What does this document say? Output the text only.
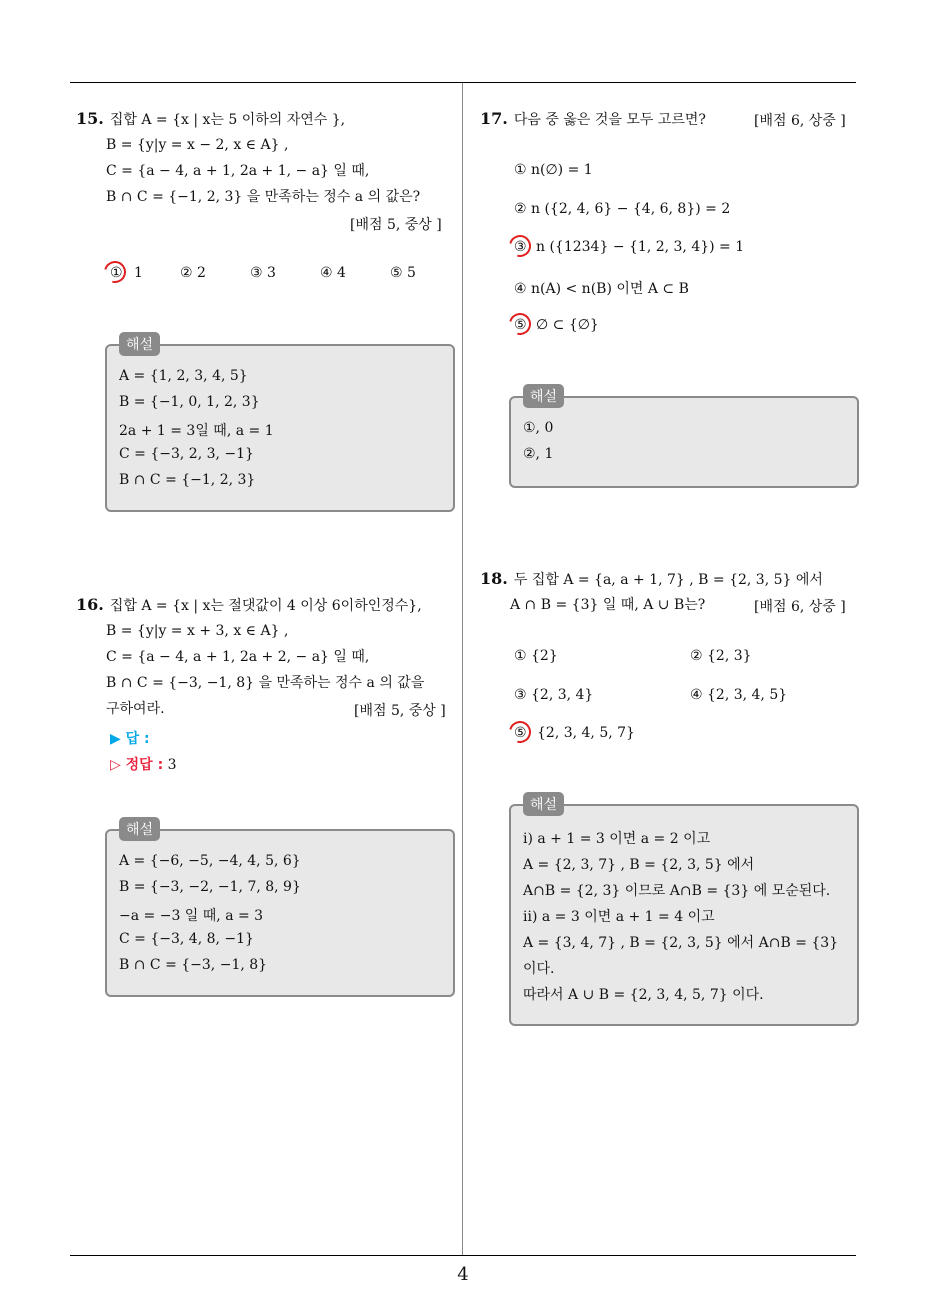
4
15. 집합 A = {x | x는 5 이하의 자연수 },
B = {y|y = x − 2, x ∈ A} ,
C = {a − 4, a + 1, 2a + 1, − a} 일 때,
B ∩ C = {−1, 2, 3} 을 만족하는 정수 a 의 값은?
[배점 5, 중상 ]
① 1	② 2	③ 3	④ 4	⑤ 5
해설
A = {1, 2, 3, 4, 5}
B = {−1, 0, 1, 2, 3}
2a + 1 = 3일 때, a = 1
C = {−3, 2, 3, −1}
B ∩ C = {−1, 2, 3}
16. 집합 A = {x | x는 절댓값이 4 이상 6이하인정수},
B = {y|y = x + 3, x ∈ A} ,
C = {a − 4, a + 1, 2a + 2, − a} 일 때,
B ∩ C = {−3, −1, 8} 을 만족하는 정수 a 의 값을
구하여라.	[배점 5, 중상 ]
▶ 답 :
▷ 정답 : 3
해설
A = {−6, −5, −4, 4, 5, 6}
B = {−3, −2, −1, 7, 8, 9}
−a = −3 일 때, a = 3
C = {−3, 4, 8, −1}
B ∩ C = {−3, −1, 8}
17. 다음 중 옳은 것을 모두 고르면?	[배점 6, 상중 ]
① n(∅) = 1
② n ({2, 4, 6} − {4, 6, 8}) = 2
③ n ({1234} − {1, 2, 3, 4}) = 1
④ n(A) < n(B) 이면 A ⊂ B
⑤ ∅ ⊂ {∅}
해설
①, 0
②, 1
18. 두 집합 A = {a, a + 1, 7} , B = {2, 3, 5} 에서
A ∩ B = {3} 일 때, A ∪ B는?	[배점 6, 상중 ]
① {2}	② {2, 3}
③ {2, 3, 4}	④ {2, 3, 4, 5}
⑤ {2, 3, 4, 5, 7}
해설
ⅰ) a + 1 = 3 이면 a = 2 이고
A = {2, 3, 7} , B = {2, 3, 5} 에서
A∩B = {2, 3} 이므로 A∩B = {3} 에 모순된다.
ⅱ) a = 3 이면 a + 1 = 4 이고
A = {3, 4, 7} , B = {2, 3, 5} 에서 A∩B = {3}
이다.
따라서 A ∪ B = {2, 3, 4, 5, 7} 이다.
